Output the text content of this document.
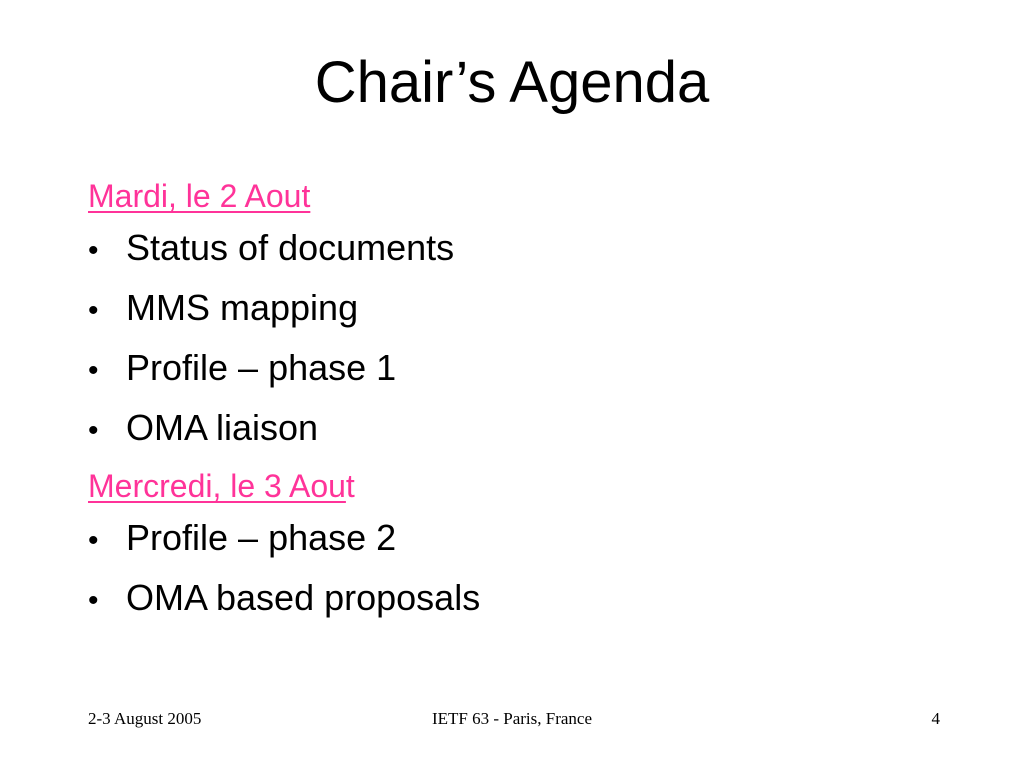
Chair’s Agenda
Mardi, le 2 Aout
• Status of documents
• MMS mapping
• Profile – phase 1
• OMA liaison
Mercredi, le 3 Aout
• Profile – phase 2
• OMA based proposals
2-3 August 2005	IETF 63 - Paris, France	4
